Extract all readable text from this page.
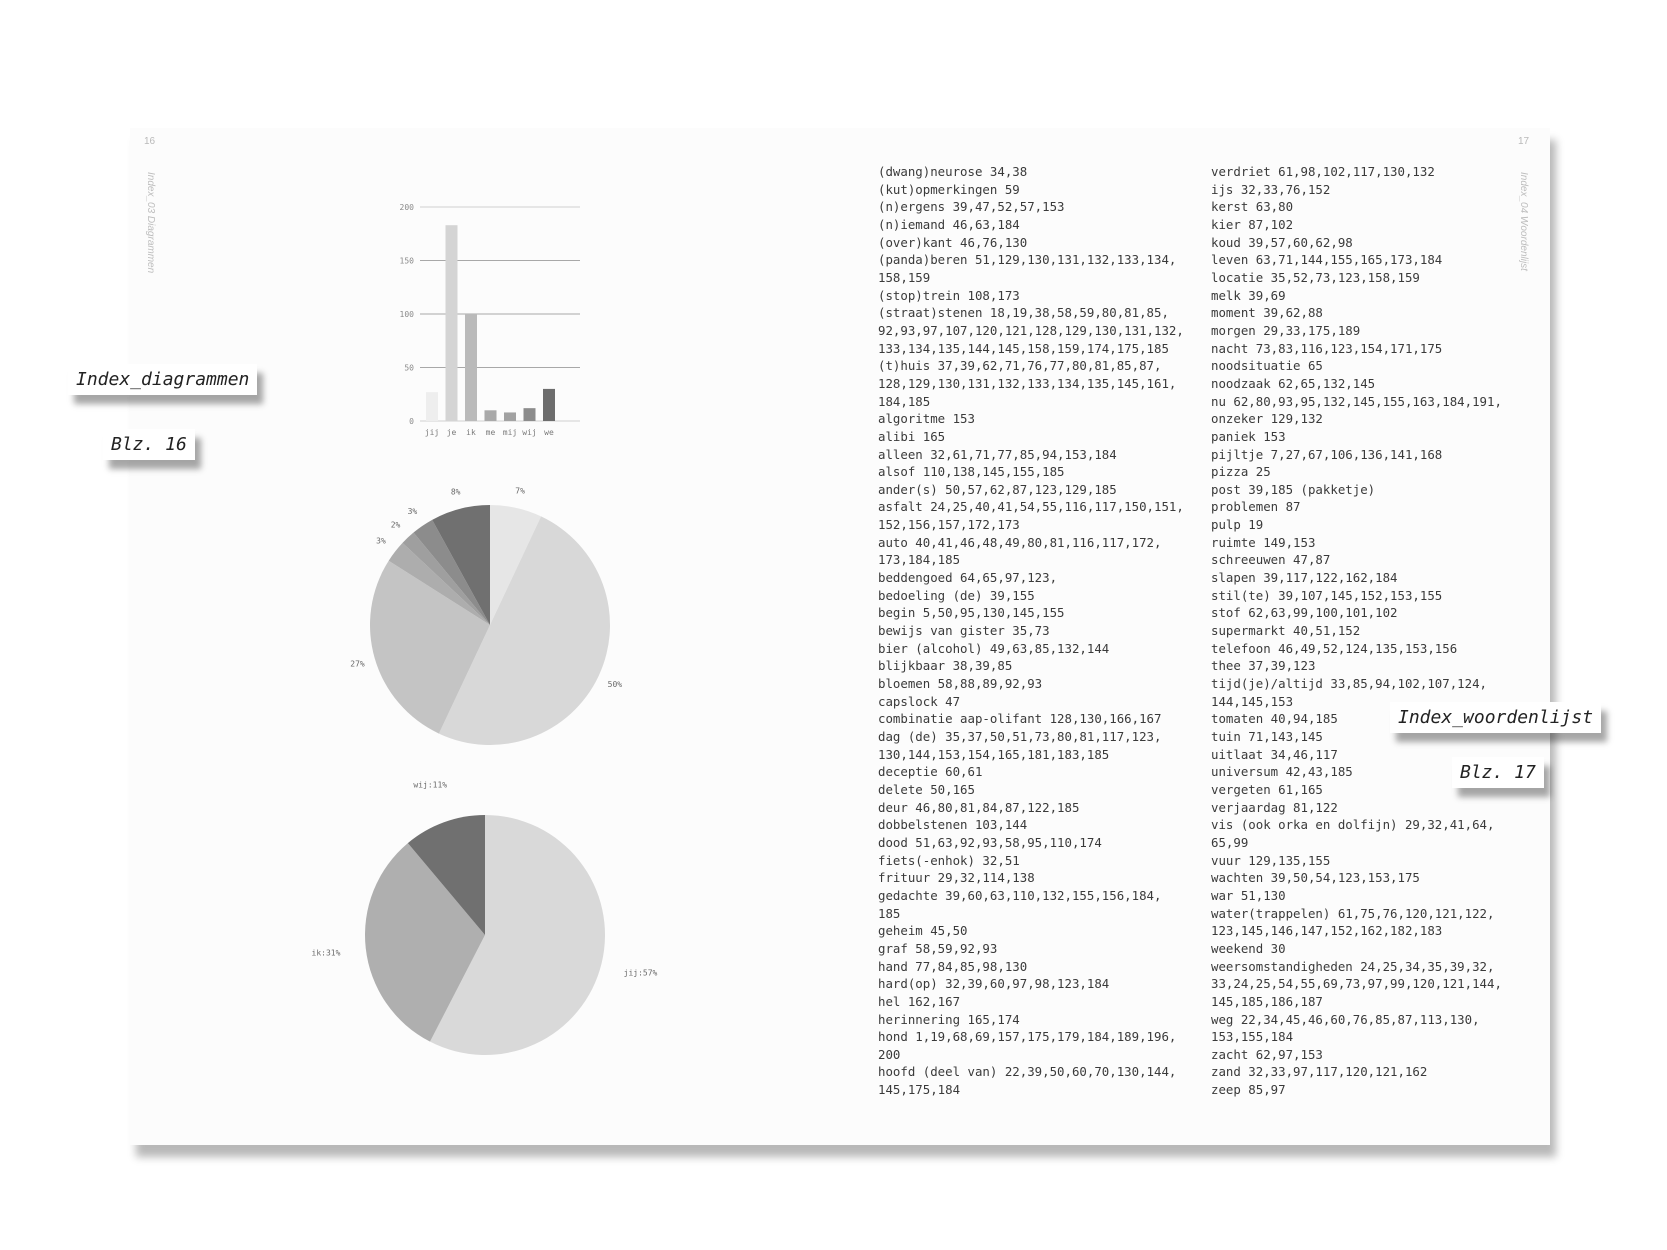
16	17
Index_03 Diagrammen	Index_04 Woordenlijst
Index_diagrammen
Blz. 16
Index_woordenlijst
Blz. 17
0
50
100
150
200
jij je ik me mij wij we
7%
50%
27%
3%
2%
3%
8%
jij:57%
ik:31%
wij:11%
(dwang)neurose 34,38
(kut)opmerkingen 59
(n)ergens 39,47,52,57,153
(n)iemand 46,63,184
(over)kant 46,76,130
(panda)beren 51,129,130,131,132,133,134,
158,159
(stop)trein 108,173
(straat)stenen 18,19,38,58,59,80,81,85,
92,93,97,107,120,121,128,129,130,131,132,
133,134,135,144,145,158,159,174,175,185
(t)huis 37,39,62,71,76,77,80,81,85,87,
128,129,130,131,132,133,134,135,145,161,
184,185
algoritme 153
alibi 165
alleen 32,61,71,77,85,94,153,184
alsof 110,138,145,155,185
ander(s) 50,57,62,87,123,129,185
asfalt 24,25,40,41,54,55,116,117,150,151,
152,156,157,172,173
auto 40,41,46,48,49,80,81,116,117,172,
173,184,185
beddengoed 64,65,97,123,
bedoeling (de) 39,155
begin 5,50,95,130,145,155
bewijs van gister 35,73
bier (alcohol) 49,63,85,132,144
blijkbaar 38,39,85
bloemen 58,88,89,92,93
capslock 47
combinatie aap-olifant 128,130,166,167
dag (de) 35,37,50,51,73,80,81,117,123,
130,144,153,154,165,181,183,185
deceptie 60,61
delete 50,165
deur 46,80,81,84,87,122,185
dobbelstenen 103,144
dood 51,63,92,93,58,95,110,174
fiets(-enhok) 32,51
frituur 29,32,114,138
gedachte 39,60,63,110,132,155,156,184,
185
geheim 45,50
graf 58,59,92,93
hand 77,84,85,98,130
hard(op) 32,39,60,97,98,123,184
hel 162,167
herinnering 165,174
hond 1,19,68,69,157,175,179,184,189,196,
200
hoofd (deel van) 22,39,50,60,70,130,144,
145,175,184
verdriet 61,98,102,117,130,132
ijs 32,33,76,152
kerst 63,80
kier 87,102
koud 39,57,60,62,98
leven 63,71,144,155,165,173,184
locatie 35,52,73,123,158,159
melk 39,69
moment 39,62,88
morgen 29,33,175,189
nacht 73,83,116,123,154,171,175
noodsituatie 65
noodzaak 62,65,132,145
nu 62,80,93,95,132,145,155,163,184,191,
onzeker 129,132
paniek 153
pijltje 7,27,67,106,136,141,168
pizza 25
post 39,185 (pakketje)
problemen 87
pulp 19
ruimte 149,153
schreeuwen 47,87
slapen 39,117,122,162,184
stil(te) 39,107,145,152,153,155
stof 62,63,99,100,101,102
supermarkt 40,51,152
telefoon 46,49,52,124,135,153,156
thee 37,39,123
tijd(je)/altijd 33,85,94,102,107,124,
144,145,153
tomaten 40,94,185
tuin 71,143,145
uitlaat 34,46,117
universum 42,43,185
vergeten 61,165
verjaardag 81,122
vis (ook orka en dolfijn) 29,32,41,64,
65,99
vuur 129,135,155
wachten 39,50,54,123,153,175
war 51,130
water(trappelen) 61,75,76,120,121,122,
123,145,146,147,152,162,182,183
weekend 30
weersomstandigheden 24,25,34,35,39,32,
33,24,25,54,55,69,73,97,99,120,121,144,
145,185,186,187
weg 22,34,45,46,60,76,85,87,113,130,
153,155,184
zacht 62,97,153
zand 32,33,97,117,120,121,162
zeep 85,97
